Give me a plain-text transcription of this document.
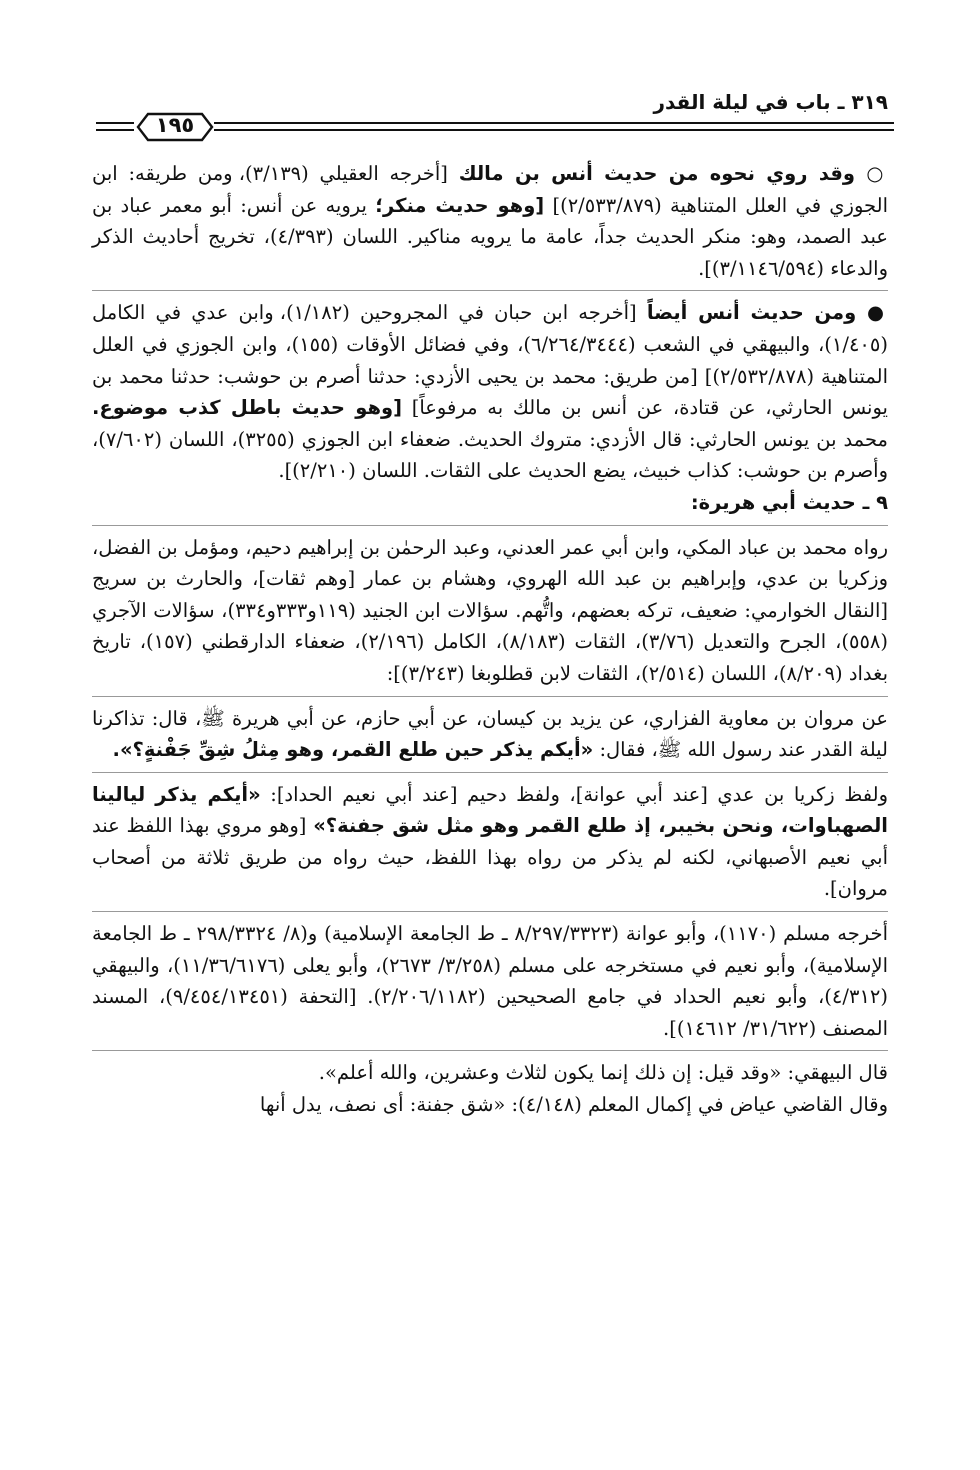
٣١٩ ـ باب في ليلة القدر
١٩٥

○ وقد روي نحوه من حديث أنس بن مالك [أخرجه العقيلي (٣/١٣٩)، ومن طريقه: ابن الجوزي في العلل المتناهية (٢/٥٣٣/٨٧٩)] [وهو حديث منكر؛ يرويه عن أنس: أبو معمر عباد بن عبد الصمد، وهو: منكر الحديث جداً، عامة ما يرويه مناكير. اللسان (٤/٣٩٣)، تخريج أحاديث الذكر والدعاء (٣/١١٤٦/٥٩٤)].

● ومن حديث أنس أيضاً [أخرجه ابن حبان في المجروحين (١/١٨٢)، وابن عدي في الكامل (١/٤٠٥)، والبيهقي في الشعب (٦/٢٦٤/٣٤٤٤)، وفي فضائل الأوقات (١٥٥)، وابن الجوزي في العلل المتناهية (٢/٥٣٢/٨٧٨)] [من طريق: محمد بن يحيى الأزدي: حدثنا أصرم بن حوشب: حدثنا محمد بن يونس الحارثي، عن قتادة، عن أنس بن مالك به مرفوعاً] [وهو حديث باطل كذب موضوع. محمد بن يونس الحارثي: قال الأزدي: متروك الحديث. ضعفاء ابن الجوزي (٣٢٥٥)، اللسان (٧/٦٠٢)، وأصرم بن حوشب: كذاب خبيث، يضع الحديث على الثقات. اللسان (٢/٢١٠)].

٩ ـ حديث أبي هريرة:

رواه محمد بن عباد المكي، وابن أبي عمر العدني، وعبد الرحمٰن بن إبراهيم دحيم، ومؤمل بن الفضل، وزكريا بن عدي، وإبراهيم بن عبد الله الهروي، وهشام بن عمار [وهم ثقات]، والحارث بن سريج [النقال الخوارمي: ضعيف، تركه بعضهم، واتُّهم. سؤالات ابن الجنيد (١١٩و٣٣٣و٣٣٤)، سؤالات الآجري (٥٥٨)، الجرح والتعديل (٣/٧٦)، الثقات (٨/١٨٣)، الكامل (٢/١٩٦)، ضعفاء الدارقطني (١٥٧)، تاريخ بغداد (٨/٢٠٩)، اللسان (٢/٥١٤)، الثقات لابن قطلوبغا (٣/٢٤٣)]:

عن مروان بن معاوية الفزاري، عن يزيد بن كيسان، عن أبي حازم، عن أبي هريرة ﷺ، قال: تذاكرنا ليلة القدر عند رسول الله ﷺ، فقال: «أيكم يذكر حين طلع القمر، وهو مِثلُ شِقِّ جَفْنةٍ؟».

ولفظ زكريا بن عدي [عند أبي عوانة]، ولفظ دحيم [عند أبي نعيم الحداد]: «أيكم يذكر ليالينا الصهباوات، ونحن بخيبر، إذ طلع القمر وهو مثل شق جفنة؟» [وهو مروي بهذا اللفظ عند أبي نعيم الأصبهاني، لكنه لم يذكر من رواه بهذا اللفظ، حيث رواه من طريق ثلاثة من أصحاب مروان].

أخرجه مسلم (١١٧٠)، وأبو عوانة (٨/٢٩٧/٣٣٢٣ ـ ط الجامعة الإسلامية) و(٨/ ٢٩٨/٣٣٢٤ ـ ط الجامعة الإسلامية)، وأبو نعيم في مستخرجه على مسلم (٣/٢٥٨/ ٢٦٧٣)، وأبو يعلى (١١/٣٦/٦١٧٦)، والبيهقي (٤/٣١٢)، وأبو نعيم الحداد في جامع الصحيحين (٢/٢٠٦/١١٨٢). [التحفة (٩/٤٥٤/١٣٤٥١)، المسند المصنف (٣١/٦٢٢/ ١٤٦١٢)].

قال البيهقي: «وقد قيل: إن ذلك إنما يكون لثلاث وعشرين، والله أعلم».

وقال القاضي عياض في إكمال المعلم (٤/١٤٨): «شق جفنة: أى نصف، يدل أنها
